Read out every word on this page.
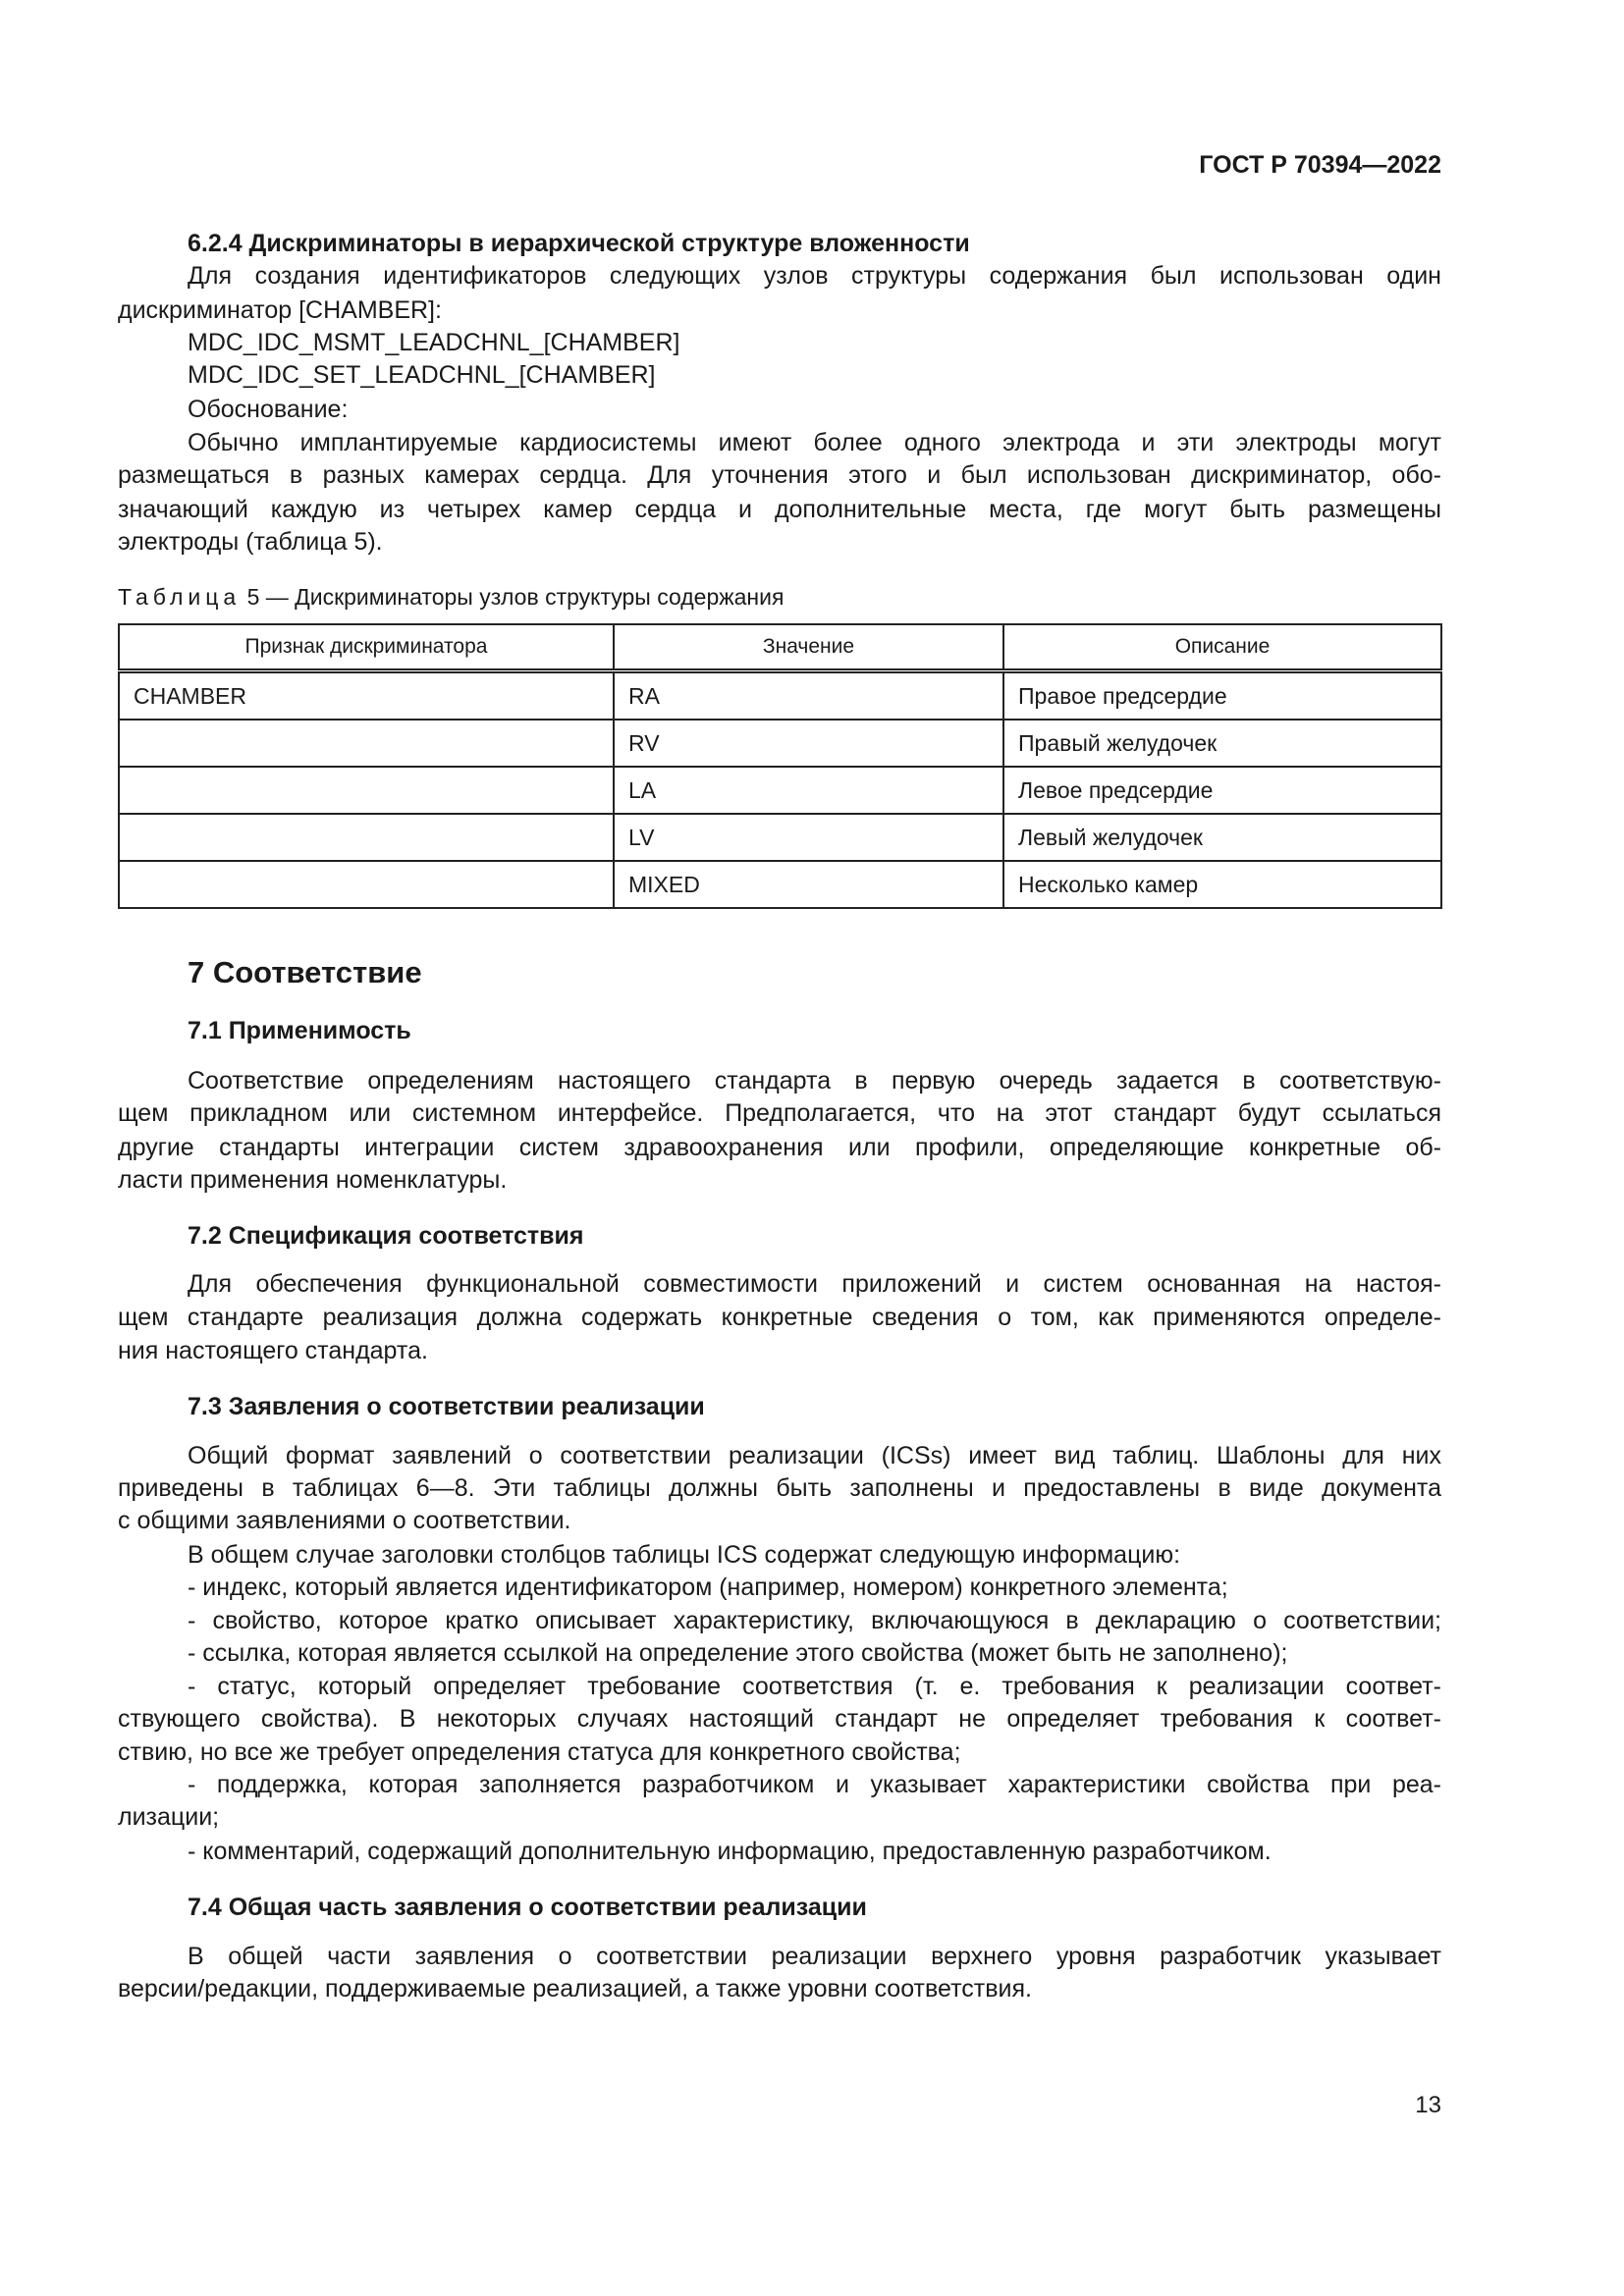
ГОСТ Р 70394—2022
Таблица 5 — Дискриминаторы узлов структуры содержания
Признак дискриминатора	Значение	Описание
CHAMBER	RA	Правое предсердие
	RV	Правый желудочек
	LA	Левое предсердие
	LV	Левый желудочек
	MIXED	Несколько камер
7 Соответствие
13
6.2.4 Дискриминаторы в иерархической структуре вложенности
Для создания идентификаторов следующих узлов структуры содержания был использован один
дискриминатор [CHAMBER]:
MDC_IDC_MSMT_LEADCHNL_[CHAMBER]
MDC_IDC_SET_LEADCHNL_[CHAMBER]
Обоснование:
Обычно имплантируемые кардиосистемы имеют более одного электрода и эти электроды могут
размещаться в разных камерах сердца. Для уточнения этого и был использован дискриминатор, обо-
значающий каждую из четырех камер сердца и дополнительные места, где могут быть размещены
электроды (таблица 5).
7.1 Применимость
Соответствие определениям настоящего стандарта в первую очередь задается в соответствую-
щем прикладном или системном интерфейсе. Предполагается, что на этот стандарт будут ссылаться
другие стандарты интеграции систем здравоохранения или профили, определяющие конкретные об-
ласти применения номенклатуры.
7.2 Спецификация соответствия
Для обеспечения функциональной совместимости приложений и систем основанная на настоя-
щем стандарте реализация должна содержать конкретные сведения о том, как применяются определе-
ния настоящего стандарта.
7.3 Заявления о соответствии реализации
Общий формат заявлений о соответствии реализации (ICSs) имеет вид таблиц. Шаблоны для них
приведены в таблицах 6—8. Эти таблицы должны быть заполнены и предоставлены в виде документа
с общими заявлениями о соответствии.
В общем случае заголовки столбцов таблицы ICS содержат следующую информацию:
- индекс, который является идентификатором (например, номером) конкретного элемента;
- свойство, которое кратко описывает характеристику, включающуюся в декларацию о соответствии;
- ссылка, которая является ссылкой на определение этого свойства (может быть не заполнено);
- статус, который определяет требование соответствия (т. е. требования к реализации соответ-
ствующего свойства). В некоторых случаях настоящий стандарт не определяет требования к соответ-
ствию, но все же требует определения статуса для конкретного свойства;
- поддержка, которая заполняется разработчиком и указывает характеристики свойства при реа-
лизации;
- комментарий, содержащий дополнительную информацию, предоставленную разработчиком.
7.4 Общая часть заявления о соответствии реализации
В общей части заявления о соответствии реализации верхнего уровня разработчик указывает
версии/редакции, поддерживаемые реализацией, а также уровни соответствия.
